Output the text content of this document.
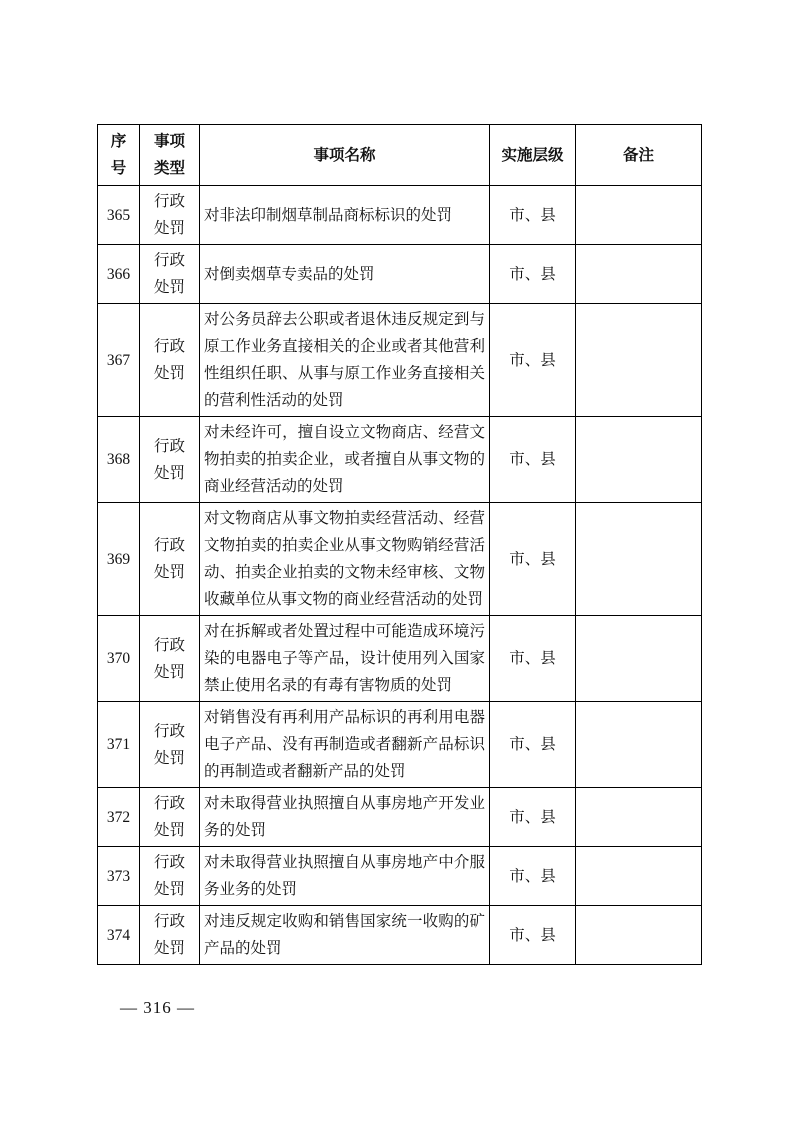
序号	事项类型	事项名称	实施层级	备注
365	行政处罚	对非法印制烟草制品商标标识的处罚	市、县	
366	行政处罚	对倒卖烟草专卖品的处罚	市、县	
367	行政处罚	对公务员辞去公职或者退休违反规定到与原工作业务直接相关的企业或者其他营利性组织任职、从事与原工作业务直接相关的营利性活动的处罚	市、县	
368	行政处罚	对未经许可，擅自设立文物商店、经营文物拍卖的拍卖企业，或者擅自从事文物的商业经营活动的处罚	市、县	
369	行政处罚	对文物商店从事文物拍卖经营活动、经营文物拍卖的拍卖企业从事文物购销经营活动、拍卖企业拍卖的文物未经审核、文物收藏单位从事文物的商业经营活动的处罚	市、县	
370	行政处罚	对在拆解或者处置过程中可能造成环境污染的电器电子等产品，设计使用列入国家禁止使用名录的有毒有害物质的处罚	市、县	
371	行政处罚	对销售没有再利用产品标识的再利用电器电子产品、没有再制造或者翻新产品标识的再制造或者翻新产品的处罚	市、县	
372	行政处罚	对未取得营业执照擅自从事房地产开发业务的处罚	市、县	
373	行政处罚	对未取得营业执照擅自从事房地产中介服务业务的处罚	市、县	
374	行政处罚	对违反规定收购和销售国家统一收购的矿产品的处罚	市、县	
— 316 —
